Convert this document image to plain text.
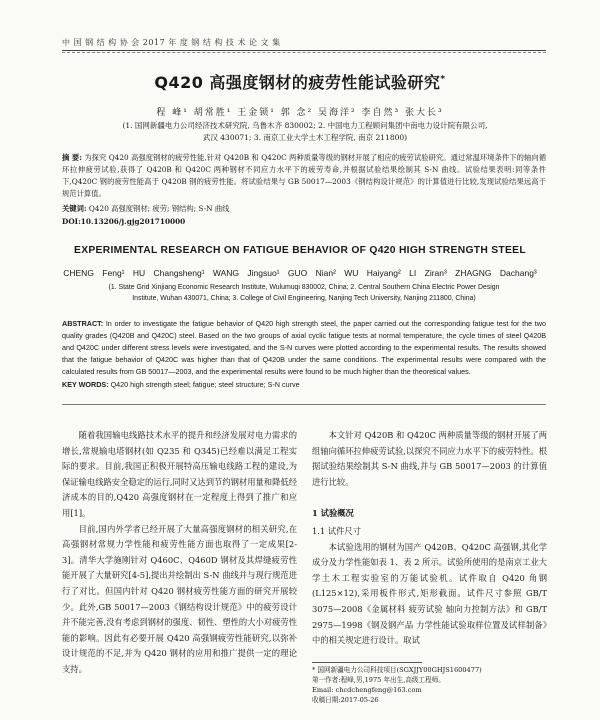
中 国 钢 结 构 协 会 2017 年 度 钢 结 构 技 术 论 文 集
Q420 高强度钢材的疲劳性能试验研究*
程 峰¹ 胡常胜¹ 王金锁¹ 郭 念² 吴海洋² 李自然³ 张大长³
(1. 国网新疆电力公司经济技术研究院, 乌鲁木齐 830002; 2. 中国电力工程顾问集团中南电力设计院有限公司,
武汉 430071; 3. 南京工业大学土木工程学院, 南京 211800)
摘 要: 为探究 Q420 高强度钢材的疲劳性能,针对 Q420B 和 Q420C 两种质量等级的钢材开展了相应的疲劳试验研究。通过常温环境条件下的轴向循环拉伸疲劳试验,获得了 Q420B 和 Q420C 两种钢材不同应力水平下的疲劳寿命,并根据试验结果绘制其 S-N 曲线。试验结果表明:同等条件下,Q420C 钢的疲劳性能高于 Q420B 钢的疲劳性能。将试验结果与 GB 50017—2003《钢结构设计规范》的计算值进行比较,发现试验结果远高于规范计算值。
关键词: Q420 高强度钢材; 疲劳; 钢结构; S-N 曲线
DOI:10.13206/j.gjg201710000
EXPERIMENTAL RESEARCH ON FATIGUE BEHAVIOR OF Q420 HIGH STRENGTH STEEL
CHENG Feng¹ HU Changsheng¹ WANG Jingsuo¹ GUO Nian² WU Haiyang² LI Ziran³ ZHAGNG Dachang³
(1. State Grid Xinjiang Economic Research Institute, Wulumuqi 830002, China; 2. Central Southern China Electric Power Design
Institute, Wuhan 430071, China; 3. College of Civil Engineering, Nanjing Tech University, Nanjing 211800, China)
ABSTRACT: In order to investigate the fatigue behavior of Q420 high strength steel, the paper carried out the corresponding fatigue test for the two quality grades (Q420B and Q420C) steel. Based on the two groups of axial cyclic fatigue tests at normal temperature, the cycle times of steel Q420B and Q420C under different stress levels were investigated, and the S-N curves were plotted according to the experimental results. The results showed that the fatigue behavior of Q420C was higher than that of Q420B under the same conditions. The experimental results were compared with the calculated results from GB 50017—2003, and the experimental results were found to be much higher than the theoretical values.
KEY WORDS: Q420 high strength steel; fatigue; steel structure; S-N curve

随着我国输电线路技术水平的提升和经济发展对电力需求的增长,常规输电塔钢材(如 Q235 和 Q345)已经难以满足工程实际的要求。目前,我国正积极开展特高压输电线路工程的建设,为保证输电线路安全稳定的运行,同时又达到节约钢材用量和降低经济成本的目的,Q420 高强度钢材在一定程度上得到了推广和应用[1]。

目前,国内外学者已经开展了大量高强度钢材的相关研究,在高强钢材常规力学性能和疲劳性能方面也取得了一定成果[2-3]。清华大学施刚针对 Q460C、Q460D 钢材及其焊缝疲劳性能开展了大量研究[4-5],提出并绘制出 S-N 曲线并与现行规范进行了对比。但国内针对 Q420 钢材疲劳性能方面的研究开展较少。此外,GB 50017—2003《钢结构设计规范》中的疲劳设计并不能完善,没有考虑到钢材的强度、韧性、塑性的大小对疲劳性能的影响。因此有必要开展 Q420 高强钢疲劳性能研究,以弥补设计规范的不足,并为 Q420 钢材的应用和推广提供一定的理论支持。

本文针对 Q420B 和 Q420C 两种质量等级的钢材开展了两组轴向循环拉伸疲劳试验,以探究不同应力水平下的疲劳特性。根据试验结果绘制其 S-N 曲线,并与 GB 50017—2003 的计算值进行比较。

1 试验概况
1.1 试件尺寸

本试验选用的钢材为国产 Q420B、Q420C 高强钢,其化学成分及力学性能如表 1、表 2 所示。试验所使用的是南京工业大学土木工程实验室的万能试验机。试件取自 Q420 角钢(L125×12),采用板件形式,矩形截面。试件尺寸参照 GB/T 3075—2008《金属材料 疲劳试验 轴向力控制方法》和 GB/T 2975—1998《钢及钢产品 力学性能试验取样位置及试样制备》中的相关规定进行设计。取试

* 国网新疆电力公司科技项目(SGXJJY00GHJS1600477)
第一作者:程峰,男,1975 年出生,高级工程师。
Email: chcdchengfeng@163.com
收稿日期:2017-05-26
